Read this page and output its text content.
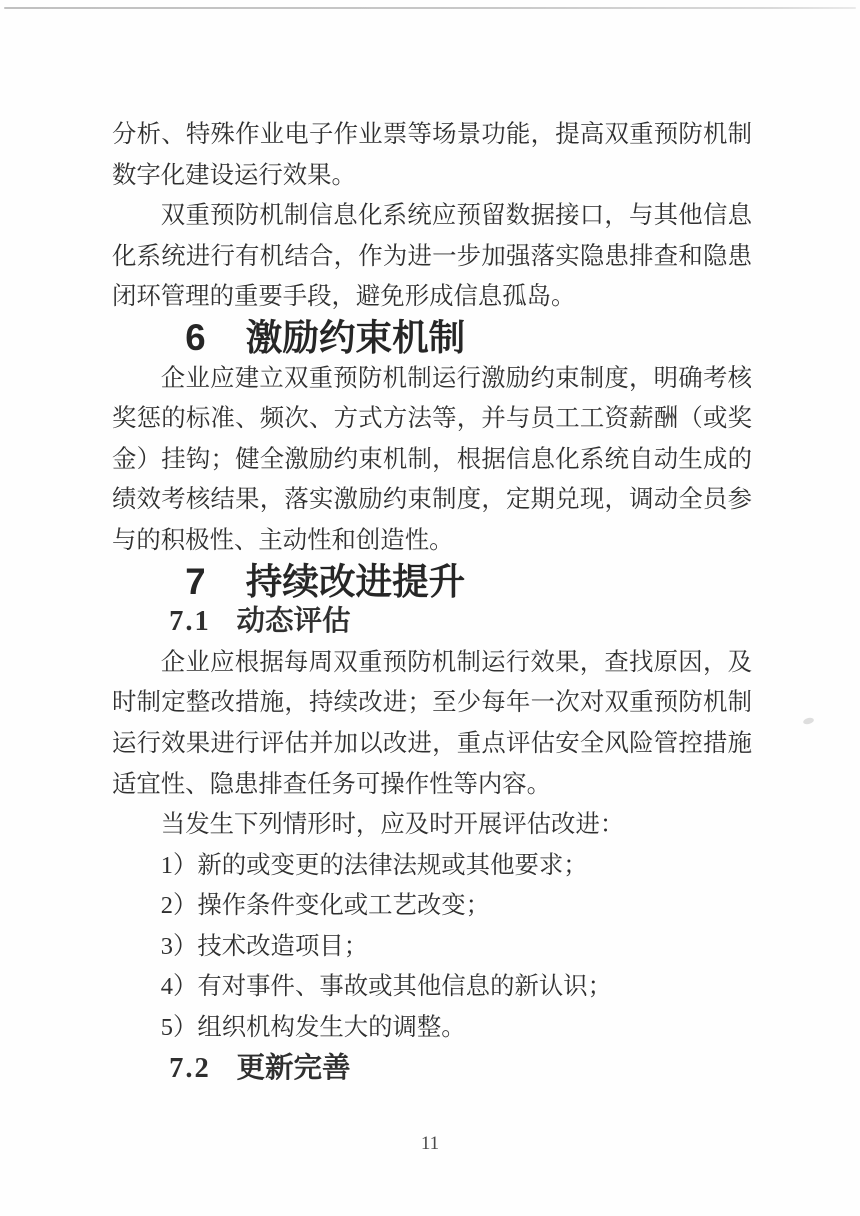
分析、特殊作业电子作业票等场景功能，提高双重预防机制数字化建设运行效果。

双重预防机制信息化系统应预留数据接口，与其他信息化系统进行有机结合，作为进一步加强落实隐患排查和隐患闭环管理的重要手段，避免形成信息孤岛。

6 激励约束机制

企业应建立双重预防机制运行激励约束制度，明确考核奖惩的标准、频次、方式方法等，并与员工工资薪酬（或奖金）挂钩；健全激励约束机制，根据信息化系统自动生成的绩效考核结果，落实激励约束制度，定期兑现，调动全员参与的积极性、主动性和创造性。

7 持续改进提升
7.1 动态评估

企业应根据每周双重预防机制运行效果，查找原因，及时制定整改措施，持续改进；至少每年一次对双重预防机制运行效果进行评估并加以改进，重点评估安全风险管控措施适宜性、隐患排查任务可操作性等内容。

当发生下列情形时，应及时开展评估改进：

1）新的或变更的法律法规或其他要求；

2）操作条件变化或工艺改变；

3）技术改造项目；

4）有对事件、事故或其他信息的新认识；

5）组织机构发生大的调整。

7.2 更新完善
11
